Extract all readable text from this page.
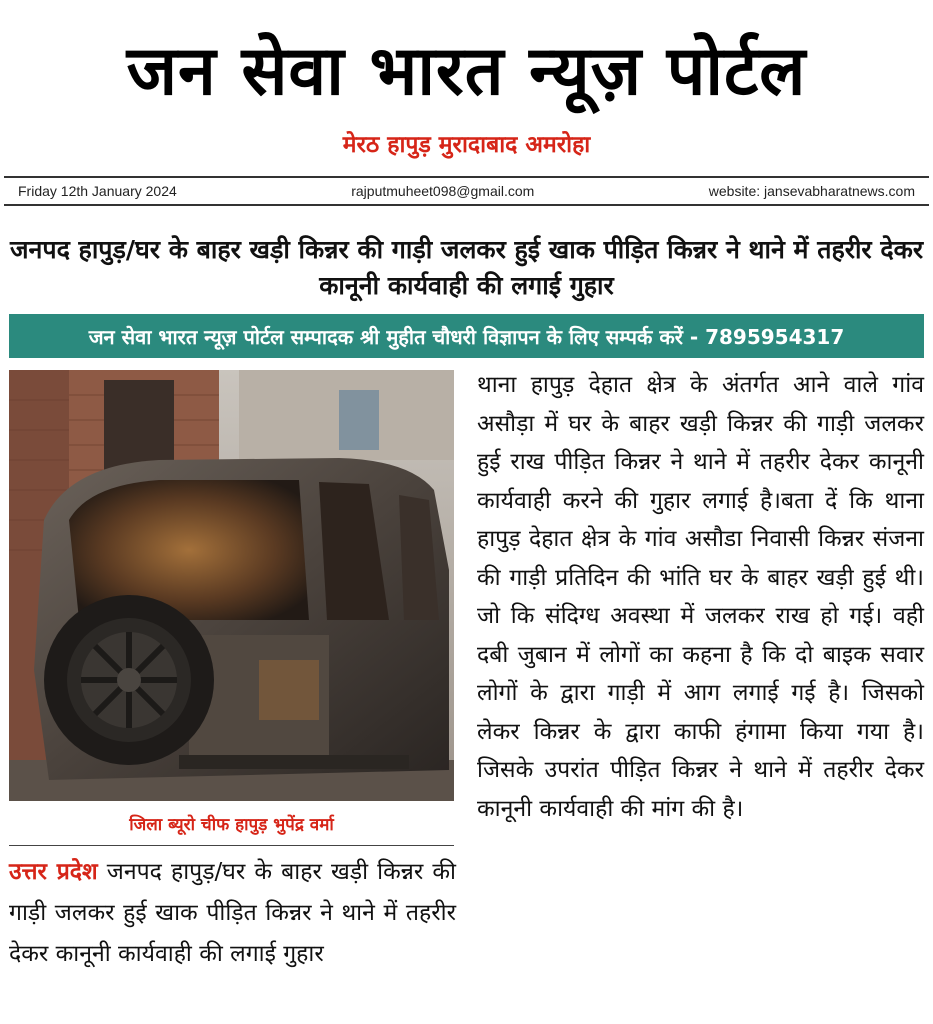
जन सेवा भारत न्यूज़ पोर्टल
मेरठ हापुड़ मुरादाबाद अमरोहा
Friday 12th January 2024	rajputmuheet098@gmail.com	website: jansevabharatnews.com
जनपद हापुड़/घर के बाहर खड़ी किन्नर की गाड़ी जलकर हुई खाक पीड़ित किन्नर ने थाने में तहरीर देकर कानूनी कार्यवाही की लगाई गुहार
जन सेवा भारत न्यूज़ पोर्टल सम्पादक श्री मुहीत चौधरी विज्ञापन के लिए सम्पर्क करें - 7895954317
जिला ब्यूरो चीफ हापुड़ भुपेंद्र वर्मा

उत्तर प्रदेश जनपद हापुड़/घर के बाहर खड़ी किन्नर की गाड़ी जलकर हुई खाक पीड़ित किन्नर ने थाने में तहरीर देकर कानूनी कार्यवाही की लगाई गुहार

थाना हापुड़ देहात क्षेत्र के अंतर्गत आने वाले गांव असौड़ा में घर के बाहर खड़ी किन्नर की गाड़ी जलकर हुई राख पीड़ित किन्नर ने थाने में तहरीर देकर कानूनी कार्यवाही करने की गुहार लगाई है।बता दें कि थाना हापुड़ देहात क्षेत्र के गांव असौडा निवासी किन्नर संजना की गाड़ी प्रतिदिन की भांति घर के बाहर खड़ी हुई थी। जो कि संदिग्ध अवस्था में जलकर राख हो गई। वही दबी जुबान में लोगों का कहना है कि दो बाइक सवार लोगों के द्वारा गाड़ी में आग लगाई गई है। जिसको लेकर किन्नर के द्वारा काफी हंगामा किया गया है। जिसके उपरांत पीड़ित किन्नर ने थाने में तहरीर देकर कानूनी कार्यवाही की मांग की है।
